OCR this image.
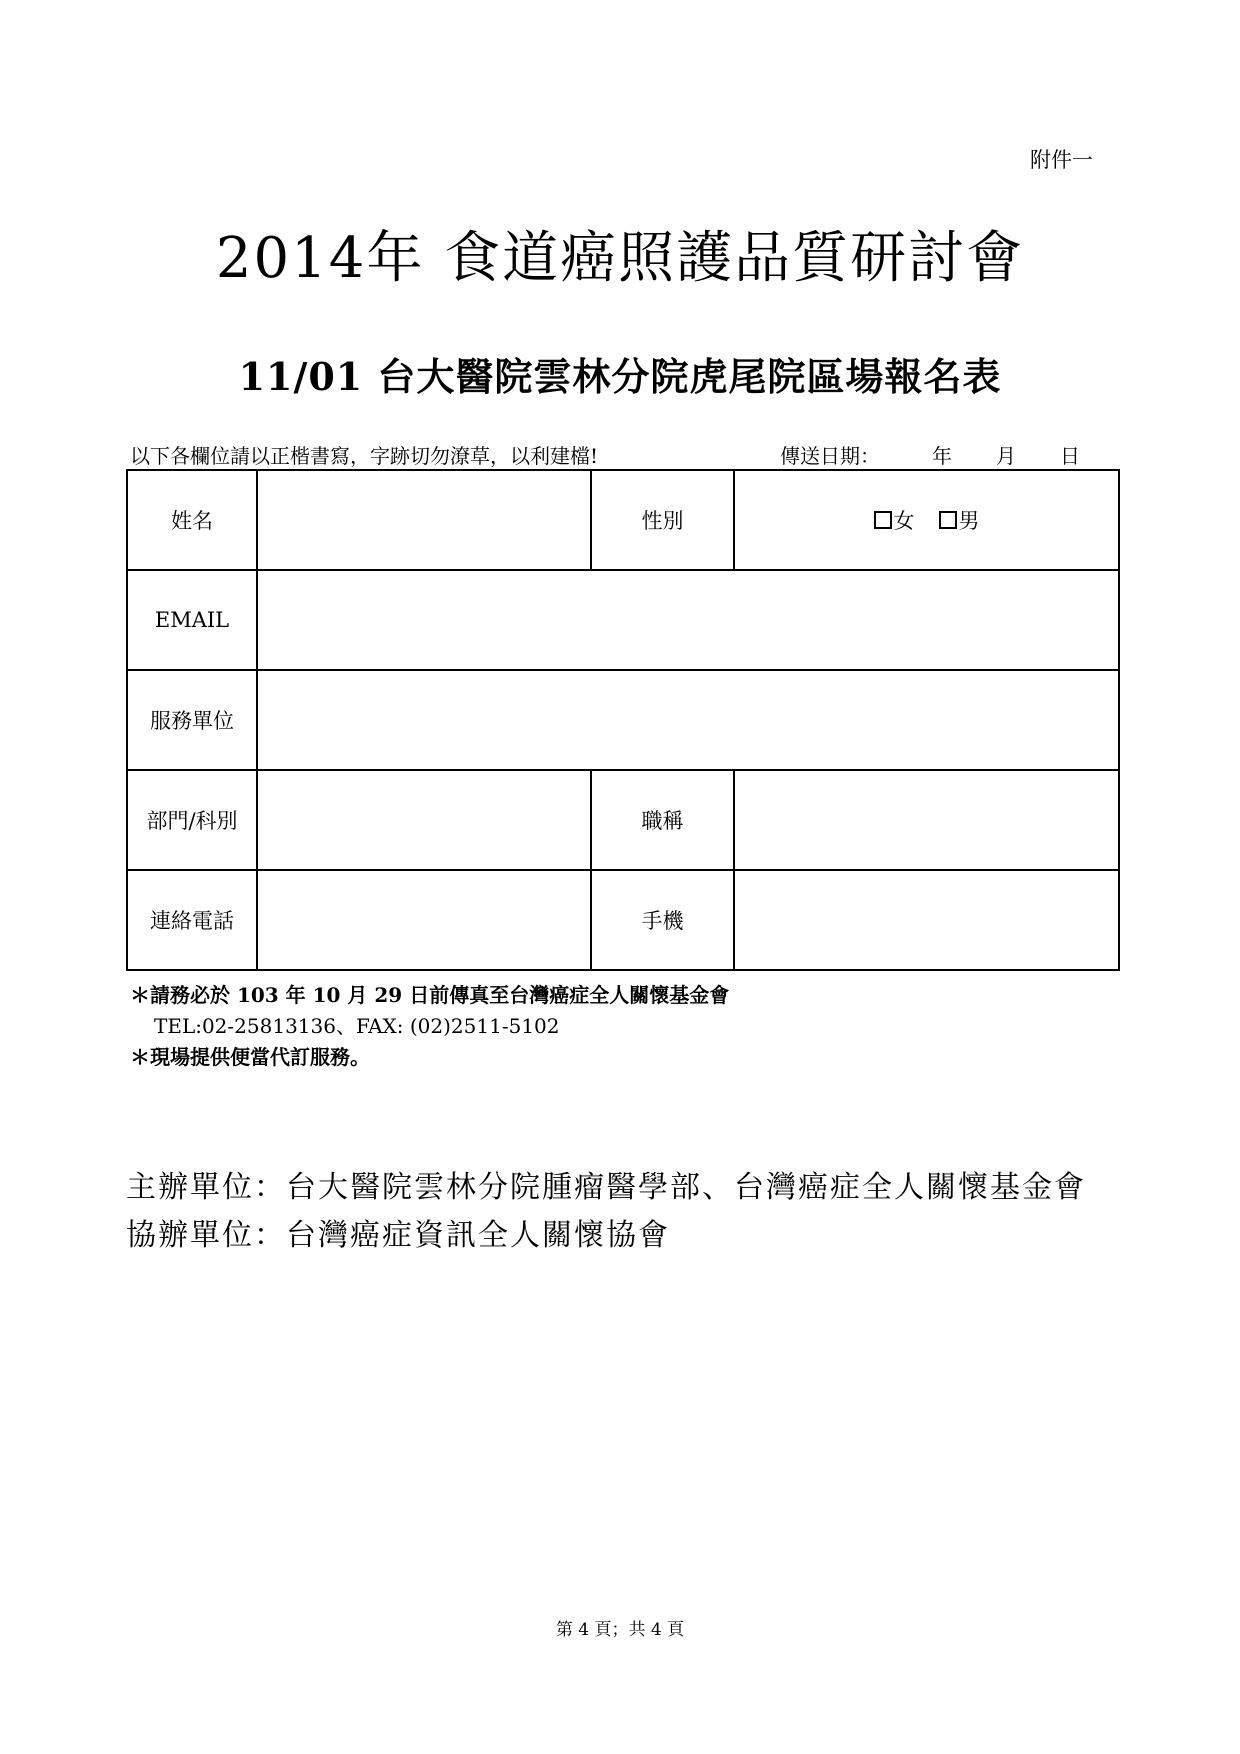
附件一
2014年 食道癌照護品質研討會
11/01 台大醫院雲林分院虎尾院區場報名表
以下各欄位請以正楷書寫，字跡切勿潦草，以利建檔!	傳送日期：	年 月 日
姓名		性別	女 男
EMAIL			
服務單位			
部門/科別		職稱	
連絡電話		手機	
＊請務必於 103 年 10 月 29 日前傳真至台灣癌症全人關懷基金會
TEL:02-25813136、FAX: (02)2511-5102
＊現場提供便當代訂服務。
主辦單位：台大醫院雲林分院腫瘤醫學部、台灣癌症全人關懷基金會
協辦單位：台灣癌症資訊全人關懷協會
第 4 頁；共 4 頁
